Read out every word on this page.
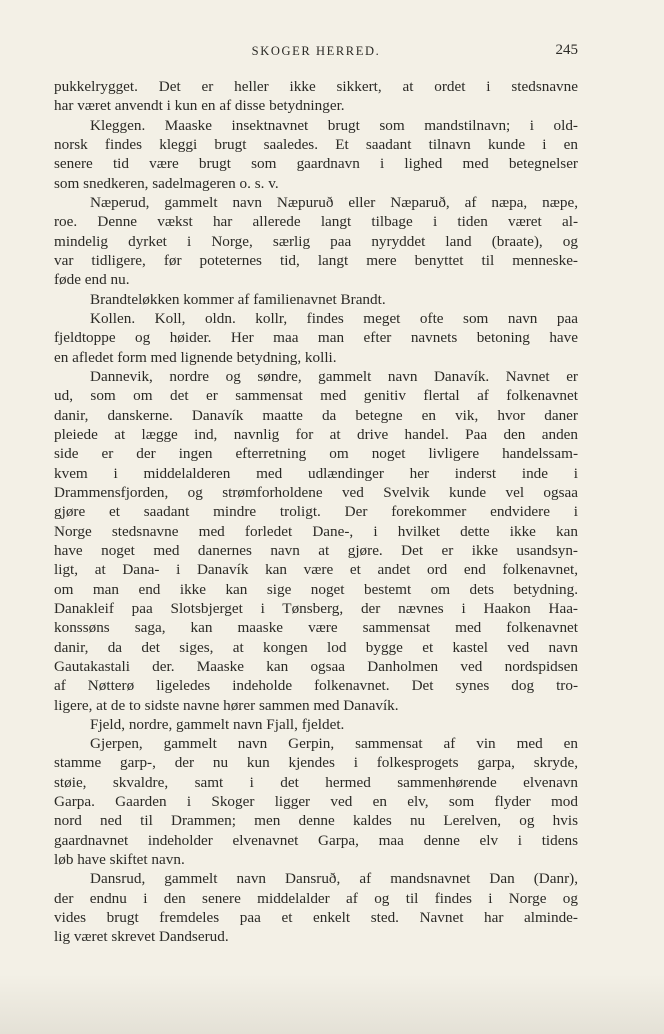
SKOGER HERRED.	245
pukkelrygget. Det er heller ikke sikkert, at ordet i stedsnavne
har været anvendt i kun en af disse betydninger.
Kleggen. Maaske insektnavnet brugt som mandstilnavn; i old-
norsk findes kleggi brugt saaledes. Et saadant tilnavn kunde i en
senere tid være brugt som gaardnavn i lighed med betegnelser
som snedkeren, sadelmageren o. s. v.
Næperud, gammelt navn Næpuruð eller Næparuð, af næpa, næpe,
roe. Denne vækst har allerede langt tilbage i tiden været al-
mindelig dyrket i Norge, særlig paa nyryddet land (braate), og
var tidligere, før poteternes tid, langt mere benyttet til menneske-
føde end nu.
Brandteløkken kommer af familienavnet Brandt.
Kollen. Koll, oldn. kollr, findes meget ofte som navn paa
fjeldtoppe og høider. Her maa man efter navnets betoning have
en afledet form med lignende betydning, kolli.
Dannevik, nordre og søndre, gammelt navn Danavík. Navnet er
ud, som om det er sammensat med genitiv flertal af folkenavnet
danir, danskerne. Danavík maatte da betegne en vik, hvor daner
pleiede at lægge ind, navnlig for at drive handel. Paa den anden
side er der ingen efterretning om noget livligere handelssam-
kvem i middelalderen med udlændinger her inderst inde i
Drammensfjorden, og strømforholdene ved Svelvik kunde vel ogsaa
gjøre et saadant mindre troligt. Der forekommer endvidere i
Norge stedsnavne med forledet Dane-, i hvilket dette ikke kan
have noget med danernes navn at gjøre. Det er ikke usandsyn-
ligt, at Dana- i Danavík kan være et andet ord end folkenavnet,
om man end ikke kan sige noget bestemt om dets betydning.
Danakleif paa Slotsbjerget i Tønsberg, der nævnes i Haakon Haa-
konssøns saga, kan maaske være sammensat med folkenavnet
danir, da det siges, at kongen lod bygge et kastel ved navn
Gautakastali der. Maaske kan ogsaa Danholmen ved nordspidsen
af Nøtterø ligeledes indeholde folkenavnet. Det synes dog tro-
ligere, at de to sidste navne hører sammen med Danavík.
Fjeld, nordre, gammelt navn Fjall, fjeldet.
Gjerpen, gammelt navn Gerpin, sammensat af vin med en
stamme garp-, der nu kun kjendes i folkesprogets garpa, skryde,
støie, skvaldre, samt i det hermed sammenhørende elvenavn
Garpa. Gaarden i Skoger ligger ved en elv, som flyder mod
nord ned til Drammen; men denne kaldes nu Lerelven, og hvis
gaardnavnet indeholder elvenavnet Garpa, maa denne elv i tidens
løb have skiftet navn.
Dansrud, gammelt navn Dansruð, af mandsnavnet Dan (Danr),
der endnu i den senere middelalder af og til findes i Norge og
vides brugt fremdeles paa et enkelt sted. Navnet har alminde-
lig været skrevet Dandserud.
